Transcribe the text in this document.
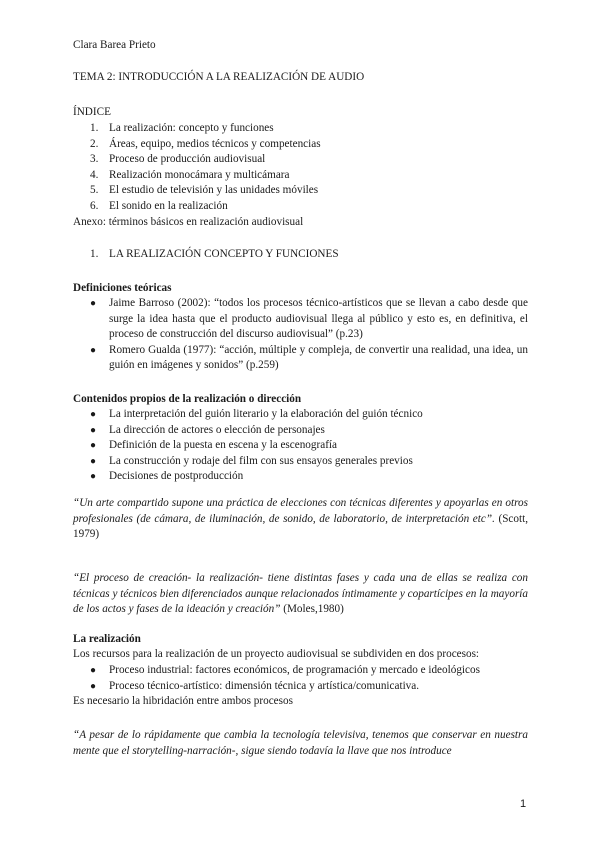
Clara Barea Prieto
TEMA 2: INTRODUCCIÓN A LA REALIZACIÓN DE AUDIO
ÍNDICE
1. La realización: concepto y funciones
2. Áreas, equipo, medios técnicos y competencias
3. Proceso de producción audiovisual
4. Realización monocámara y multicámara
5. El estudio de televisión y las unidades móviles
6. El sonido en la realización
Anexo: términos básicos en realización audiovisual
1. LA REALIZACIÓN CONCEPTO Y FUNCIONES
Definiciones teóricas
● Jaime Barroso (2002): “todos los procesos técnico-artísticos que se llevan a cabo desde que surge la idea hasta que el producto audiovisual llega al público y esto es, en definitiva, el proceso de construcción del discurso audiovisual” (p.23)
● Romero Gualda (1977): “acción, múltiple y compleja, de convertir una realidad, una idea, un guión en imágenes y sonidos” (p.259)
Contenidos propios de la realización o dirección
● La interpretación del guión literario y la elaboración del guión técnico
● La dirección de actores o elección de personajes
● Definición de la puesta en escena y la escenografía
● La construcción y rodaje del film con sus ensayos generales previos
● Decisiones de postproducción

“Un arte compartido supone una práctica de elecciones con técnicas diferentes y apoyarlas en otros profesionales (de cámara, de iluminación, de sonido, de laboratorio, de interpretación etc”. (Scott, 1979)

“El proceso de creación- la realización- tiene distintas fases y cada una de ellas se realiza con técnicas y técnicos bien diferenciados aunque relacionados íntimamente y copartícipes en la mayoría de los actos y fases de la ideación y creación” (Moles,1980)

La realización
Los recursos para la realización de un proyecto audiovisual se subdividen en dos procesos:
● Proceso industrial: factores económicos, de programación y mercado e ideológicos
● Proceso técnico-artístico: dimensión técnica y artística/comunicativa.
Es necesario la hibridación entre ambos procesos

“A pesar de lo rápidamente que cambia la tecnología televisiva, tenemos que conservar en nuestra mente que el storytelling-narración-, sigue siendo todavía la llave que nos introduce

1
